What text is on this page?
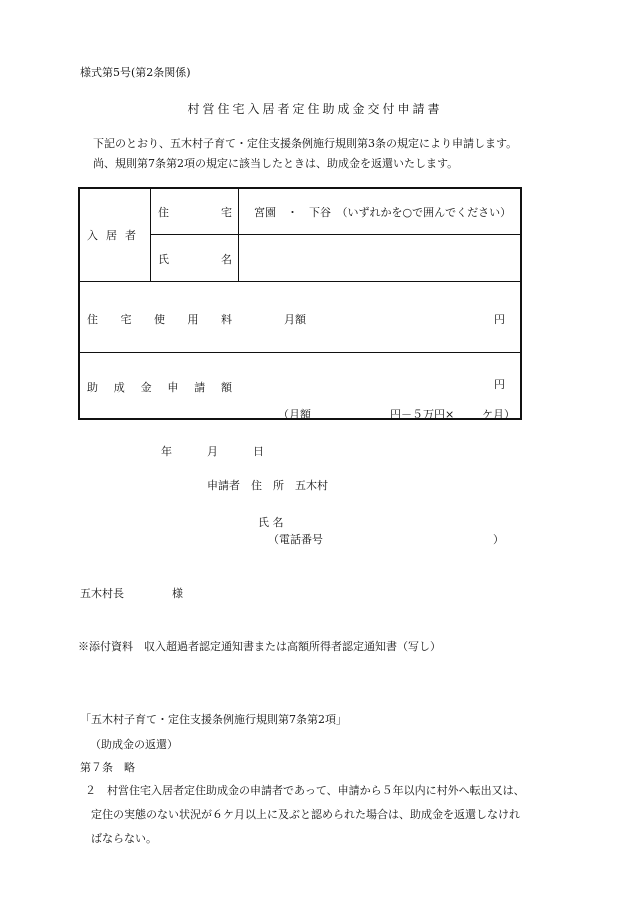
様式第5号(第2条関係)
村営住宅入居者定住助成金交付申請書
下記のとおり、五木村子育て・定住支援条例施行規則第3条の規定により申請します。
尚、規則第7条第2項の規定に該当したときは、助成金を返還いたします。
入居者
住	宅 宮園　・　下谷　（いずれかを○で囲んでください）
氏	名
住 宅 使 用 料	月額	円
助 成 金 申 請 額	円
（月額	円－５万円×	ケ月）
年	月	日
申請者　住　所　五木村
氏 名
（電話番号	）
五木村長	様
※添付資料　収入超過者認定通知書または高額所得者認定通知書（写し）
「五木村子育て・定住支援条例施行規則第7条第2項」
（助成金の返還）
第７条　略
２　村営住宅入居者定住助成金の申請者であって、申請から５年以内に村外へ転出又は、
定住の実態のない状況が６ケ月以上に及ぶと認められた場合は、助成金を返還しなけれ
ばならない。
